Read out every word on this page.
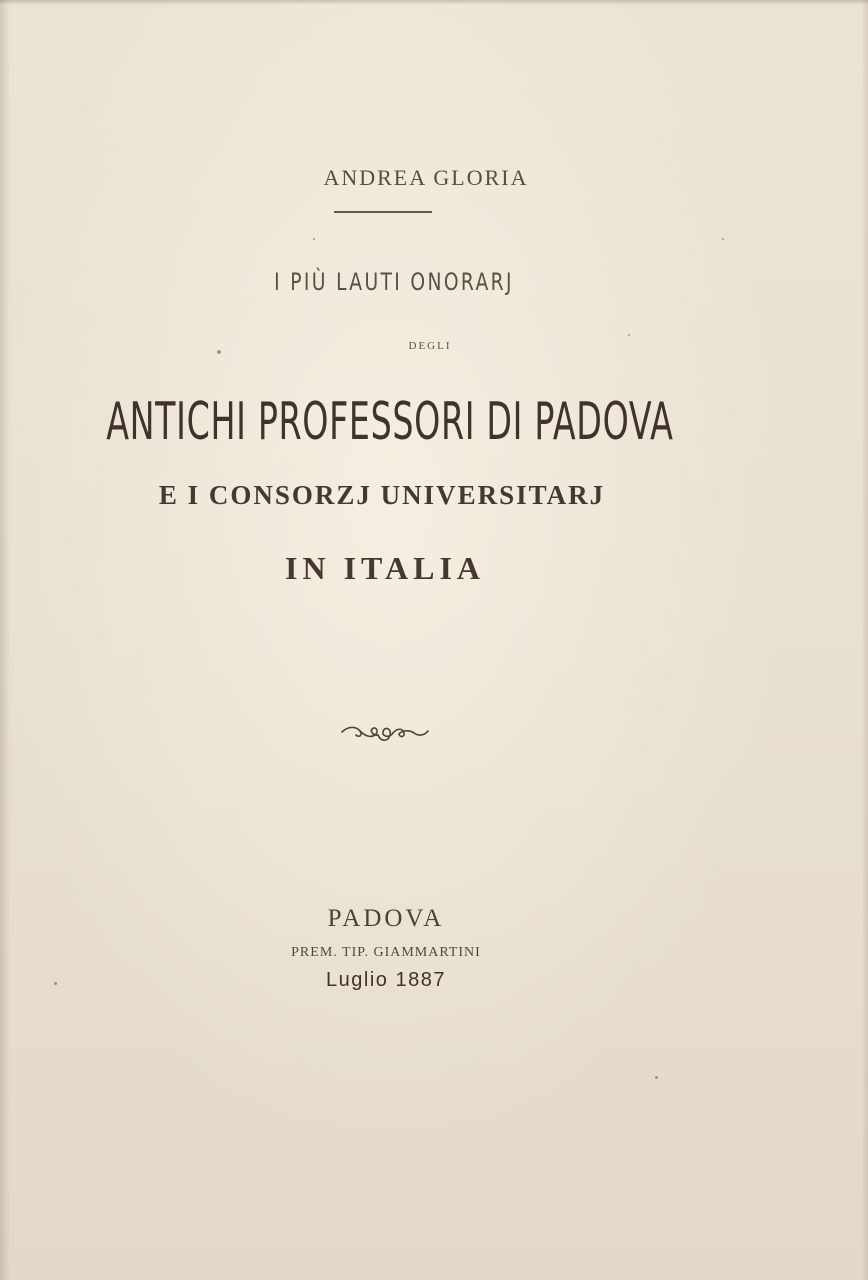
ANDREA GLORIA
I PIÙ LAUTI ONORARJ
DEGLI
ANTICHI PROFESSORI DI PADOVA
E I CONSORZJ UNIVERSITARJ
IN ITALIA
PADOVA
PREM. TIP. GIAMMARTINI
Luglio 1887
